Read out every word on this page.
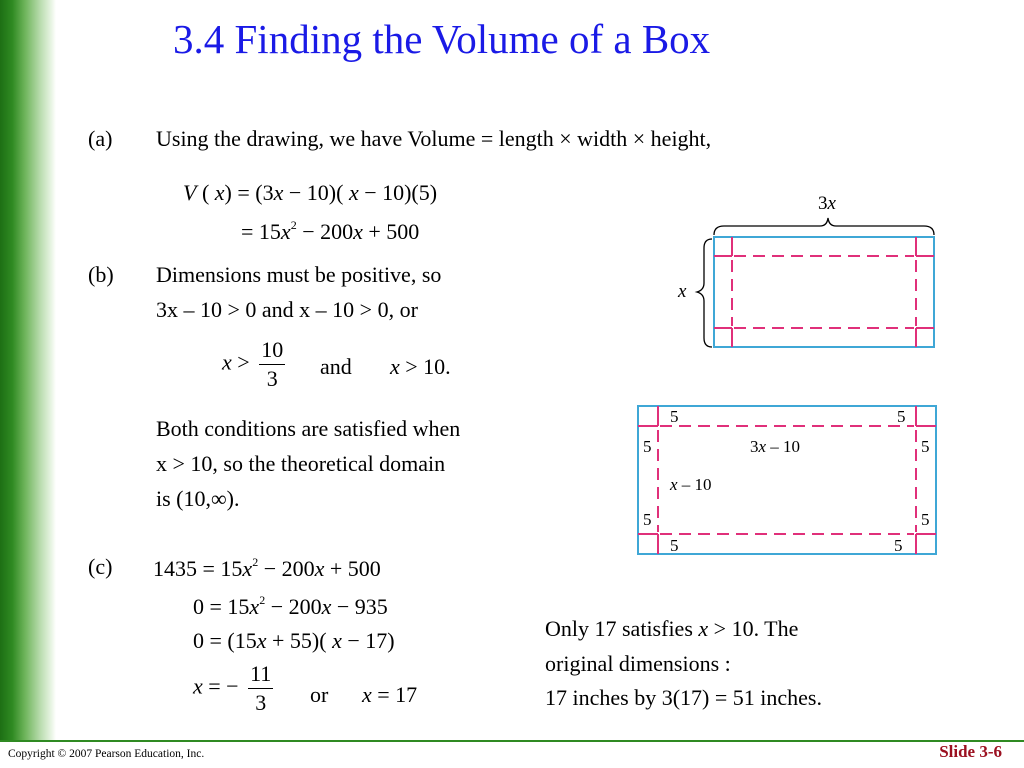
3.4 Finding the Volume of a Box
(a) Using the drawing, we have Volume = length × width × height,
V ( x) = (3x − 10)( x − 10)(5)
= $15x^2 - 200x + 500$
(b) Dimensions must be positive, so
3x – 10 > 0 and x – 10 > 0, or
$x > \frac{10}{3}$ and x > 10.
Both conditions are satisfied when
x > 10, so the theoretical domain
is (10,∞).
(c) $1435 = 15x^2 - 200x + 500$
$0 = 15x^2 - 200x - 935$
0 = (15x + 55)( x − 17)
x = − $\frac{11}{3}$ or x = 17
Only 17 satisfies x > 10. The
original dimensions :
17 inches by 3(17) = 51 inches.
3x
x
5	5
5	5
5	5
5	5
3x – 10
x – 10
Copyright © 2007 Pearson Education, Inc.	Slide 3-6
